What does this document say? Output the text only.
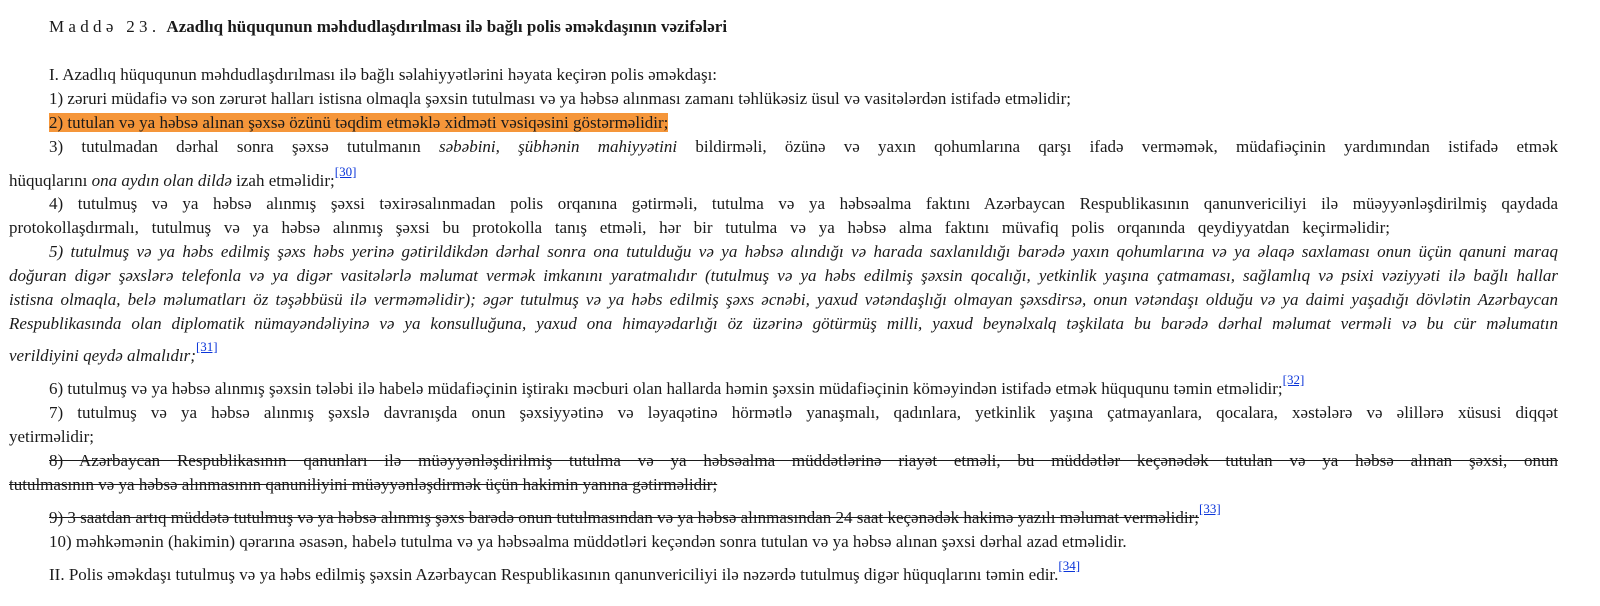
Maddə 23. Azadlıq hüququnun məhdudlaşdırılması ilə bağlı polis əməkdaşının vəzifələri

I. Azadlıq hüququnun məhdudlaşdırılması ilə bağlı səlahiyyətlərini həyata keçirən polis əməkdaşı:

1) zəruri müdafiə və son zərurət halları istisna olmaqla şəxsin tutulması və ya həbsə alınması zamanı təhlükəsiz üsul və vasitələrdən istifadə etməlidir;

2) tutulan və ya həbsə alınan şəxsə özünü təqdim etməklə xidməti vəsiqəsini göstərməlidir;

3) tutulmadan dərhal sonra şəxsə tutulmanın səbəbini, şübhənin mahiyyətini bildirməli, özünə və yaxın qohumlarına qarşı ifadə verməmək, müdafiəçinin yardımından istifadə etmək

hüquqlarını ona aydın olan dildə izah etməlidir;[30]

4) tutulmuş və ya həbsə alınmış şəxsi təxirəsalınmadan polis orqanına gətirməli, tutulma və ya həbsəalma faktını Azərbaycan Respublikasının qanunvericiliyi ilə müəyyənləşdirilmiş qaydada

protokollaşdırmalı, tutulmuş və ya həbsə alınmış şəxsi bu protokolla tanış etməli, hər bir tutulma və ya həbsə alma faktını müvafiq polis orqanında qeydiyyatdan keçirməlidir;

5) tutulmuş və ya həbs edilmiş şəxs həbs yerinə gətirildikdən dərhal sonra ona tutulduğu və ya həbsə alındığı və harada saxlanıldığı barədə yaxın qohumlarına və ya əlaqə saxlaması onun üçün qanuni maraq

doğuran digər şəxslərə telefonla və ya digər vasitələrlə məlumat vermək imkanını yaratmalıdır (tutulmuş və ya həbs edilmiş şəxsin qocalığı, yetkinlik yaşına çatmaması, sağlamlıq və psixi vəziyyəti ilə bağlı hallar

istisna olmaqla, belə məlumatları öz təşəbbüsü ilə verməməlidir); əgər tutulmuş və ya həbs edilmiş şəxs əcnəbi, yaxud vətəndaşlığı olmayan şəxsdirsə, onun vətəndaşı olduğu və ya daimi yaşadığı dövlətin Azərbaycan

Respublikasında olan diplomatik nümayəndəliyinə və ya konsulluğuna, yaxud ona himayədarlığı öz üzərinə götürmüş milli, yaxud beynəlxalq təşkilata bu barədə dərhal məlumat verməli və bu cür məlumatın

verildiyini qeydə almalıdır;[31]

6) tutulmuş və ya həbsə alınmış şəxsin tələbi ilə habelə müdafiəçinin iştirakı məcburi olan hallarda həmin şəxsin müdafiəçinin köməyindən istifadə etmək hüququnu təmin etməlidir;[32]

7) tutulmuş və ya həbsə alınmış şəxslə davranışda onun şəxsiyyətinə və ləyaqətinə hörmətlə yanaşmalı, qadınlara, yetkinlik yaşına çatmayanlara, qocalara, xəstələrə və əlillərə xüsusi diqqət

yetirməlidir;

8) Azərbaycan Respublikasının qanunları ilə müəyyənləşdirilmiş tutulma və ya həbsəalma müddətlərinə riayət etməli, bu müddətlər keçənədək tutulan və ya həbsə alınan şəxsi, onun

tutulmasının və ya həbsə alınmasının qanuniliyini müəyyənləşdirmək üçün hakimin yanına gətirməlidir;

9) 3 saatdan artıq müddətə tutulmuş və ya həbsə alınmış şəxs barədə onun tutulmasından və ya həbsə alınmasından 24 saat keçənədək hakimə yazılı məlumat verməlidir;[33]

10) məhkəmənin (hakimin) qərarına əsasən, habelə tutulma və ya həbsəalma müddətləri keçəndən sonra tutulan və ya həbsə alınan şəxsi dərhal azad etməlidir.

II. Polis əməkdaşı tutulmuş və ya həbs edilmiş şəxsin Azərbaycan Respublikasının qanunvericiliyi ilə nəzərdə tutulmuş digər hüquqlarını təmin edir.[34]
